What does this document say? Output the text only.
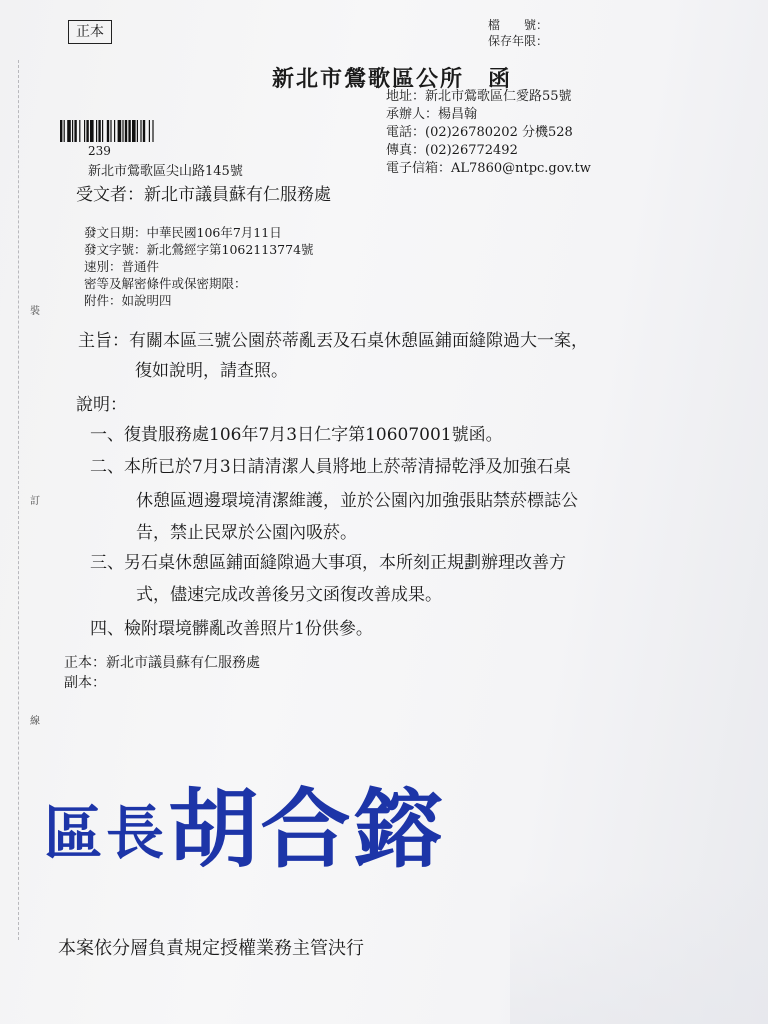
裝
訂
線
正本	檔　　號：
保存年限：
新北市鶯歌區公所　函
地址：新北市鶯歌區仁愛路55號
承辦人：楊昌翰
電話：(02)26780202 分機528
傳真：(02)26772492
電子信箱：AL7860@ntpc.gov.tw
239
新北市鶯歌區尖山路145號
受文者：新北市議員蘇有仁服務處
發文日期：中華民國106年7月11日
發文字號：新北鶯經字第1062113774號
速別：普通件
密等及解密條件或保密期限：
附件：如說明四
主旨：有關本區三號公園菸蒂亂丟及石桌休憩區鋪面縫隙過大一案，
復如說明，請查照。
說明：
一、復貴服務處106年7月3日仁字第10607001號函。
二、本所已於7月3日請清潔人員將地上菸蒂清掃乾淨及加強石桌
休憩區週邊環境清潔維護，並於公園內加強張貼禁菸標誌公
告，禁止民眾於公園內吸菸。
三、另石桌休憩區鋪面縫隙過大事項，本所刻正規劃辦理改善方
式，儘速完成改善後另文函復改善成果。
四、檢附環境髒亂改善照片1份供參。
正本：新北市議員蘇有仁服務處
副本：
區長 胡合鎔
本案依分層負責規定授權業務主管決行
